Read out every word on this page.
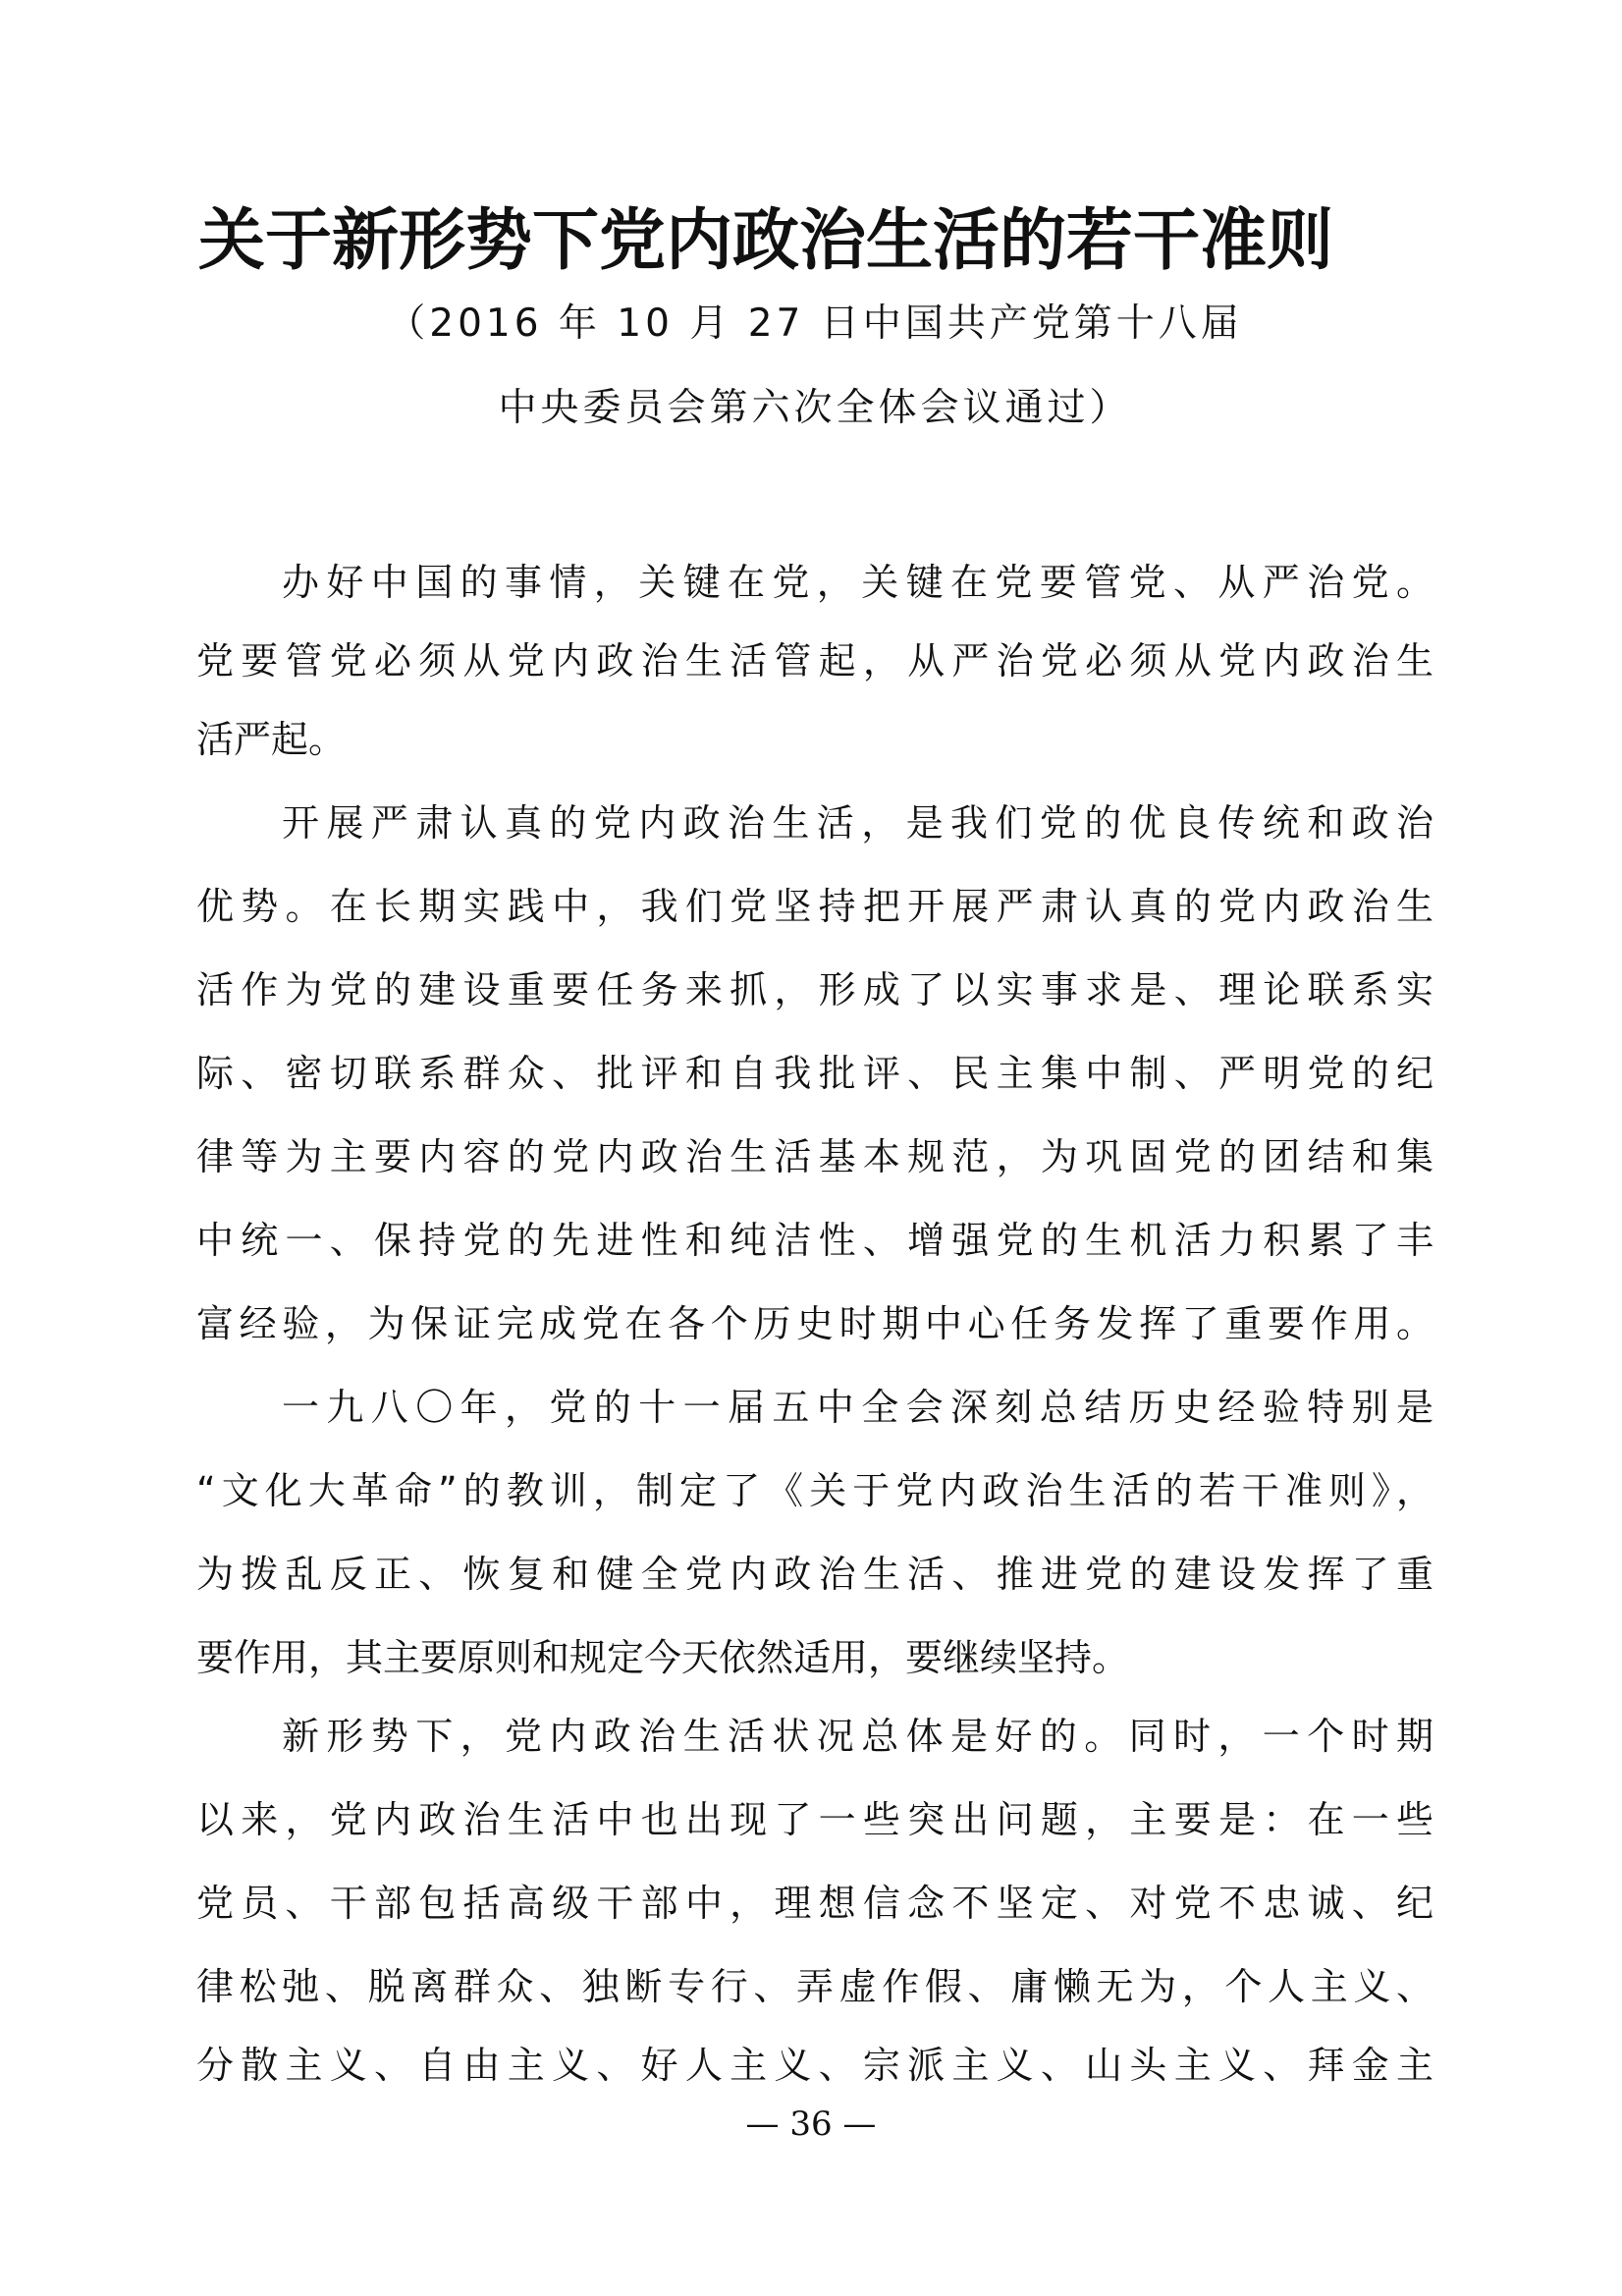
关于新形势下党内政治生活的若干准则
（2016 年 10 月 27 日中国共产党第十八届
中央委员会第六次全体会议通过）
办好中国的事情，关键在党，关键在党要管党、从严治党。
党要管党必须从党内政治生活管起，从严治党必须从党内政治生
活严起。
开展严肃认真的党内政治生活，是我们党的优良传统和政治
优势。在长期实践中，我们党坚持把开展严肃认真的党内政治生
活作为党的建设重要任务来抓，形成了以实事求是、理论联系实
际、密切联系群众、批评和自我批评、民主集中制、严明党的纪
律等为主要内容的党内政治生活基本规范，为巩固党的团结和集
中统一、保持党的先进性和纯洁性、增强党的生机活力积累了丰
富经验，为保证完成党在各个历史时期中心任务发挥了重要作用。
一九八〇年，党的十一届五中全会深刻总结历史经验特别是
“文化大革命”的教训，制定了《关于党内政治生活的若干准则》，
为拨乱反正、恢复和健全党内政治生活、推进党的建设发挥了重
要作用，其主要原则和规定今天依然适用，要继续坚持。
新形势下，党内政治生活状况总体是好的。同时，一个时期
以来，党内政治生活中也出现了一些突出问题，主要是：在一些
党员、干部包括高级干部中，理想信念不坚定、对党不忠诚、纪
律松弛、脱离群众、独断专行、弄虚作假、庸懒无为，个人主义、
分散主义、自由主义、好人主义、宗派主义、山头主义、拜金主
— 36 —
